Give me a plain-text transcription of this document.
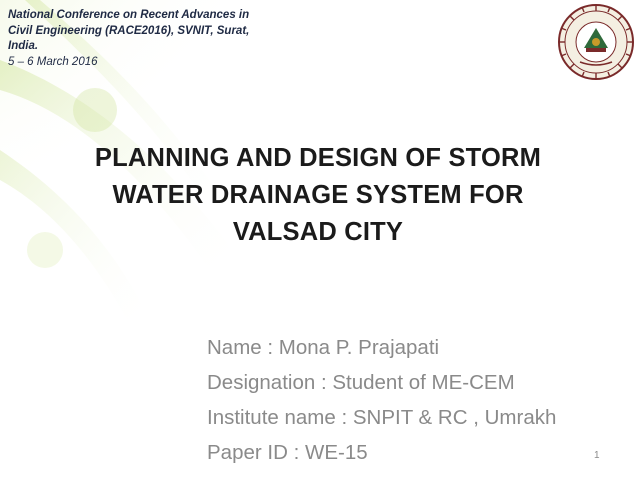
National Conference on Recent Advances in
Civil Engineering (RACE2016), SVNIT, Surat,
India.
5 – 6 March 2016
PLANNING AND DESIGN OF STORM
WATER DRAINAGE SYSTEM FOR
VALSAD CITY
Name : Mona P. Prajapati
Designation : Student of ME-CEM
Institute name : SNPIT & RC , Umrakh
Paper ID : WE-15	1
